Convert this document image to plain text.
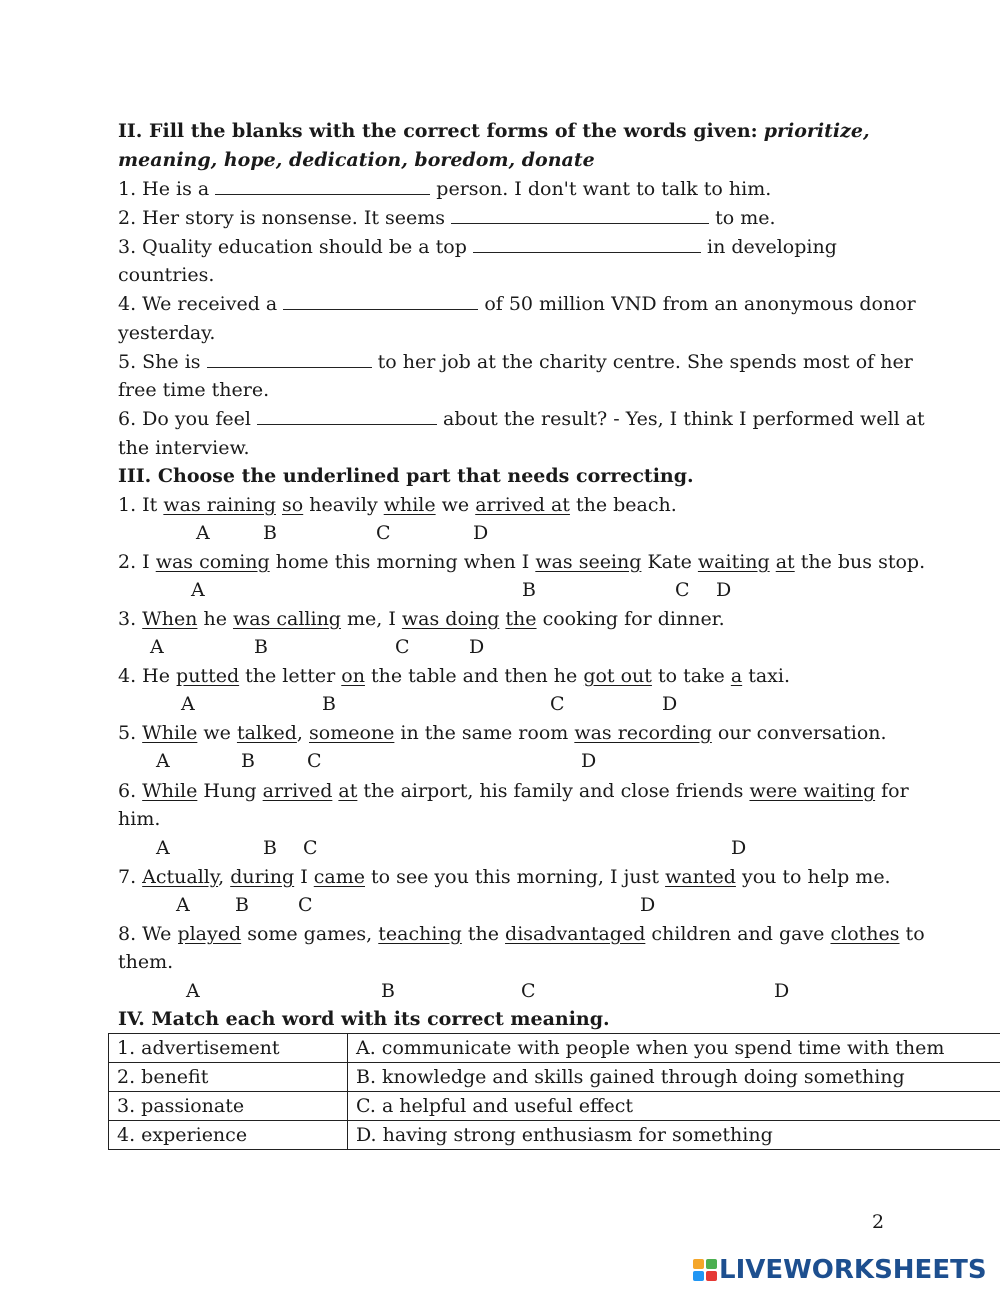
II. Fill the blanks with the correct forms of the words given: prioritize,
meaning, hope, dedication, boredom, donate
1. He is a	person. I don't want to talk to him.
2. Her story is nonsense. It seems	to me.
3. Quality education should be a top	in developing
countries.
4. We received a	of 50 million VND from an anonymous donor
yesterday.
5. She is	to her job at the charity centre. She spends most of her
free time there.
6. Do you feel	about the result? - Yes, I think I performed well at
the interview.
III. Choose the underlined part that needs correcting.
1. It was raining so heavily while we arrived at the beach.
A	B	C	D
2. I was coming home this morning when I was seeing Kate waiting at the bus stop.
A	B	C D
3. When he was calling me, I was doing the cooking for dinner.
A	B	C	D
4. He putted the letter on the table and then he got out to take a taxi.
A	B	C	D
5. While we talked, someone in the same room was recording our conversation.
A	B	C	D
6. While Hung arrived at the airport, his family and close friends were waiting for
him.
A	B C	D
7. Actually, during I came to see you this morning, I just wanted you to help me.
A B	C	D
8. We played some games, teaching the disadvantaged children and gave clothes to
them.
A	B	C	D
IV. Match each word with its correct meaning.
1. advertisement	A. communicate with people when you spend time with them
2. benefit	B. knowledge and skills gained through doing something
3. passionate	C. a helpful and useful effect
4. experience	D. having strong enthusiasm for something
2
LIVEWORKSHEETS
